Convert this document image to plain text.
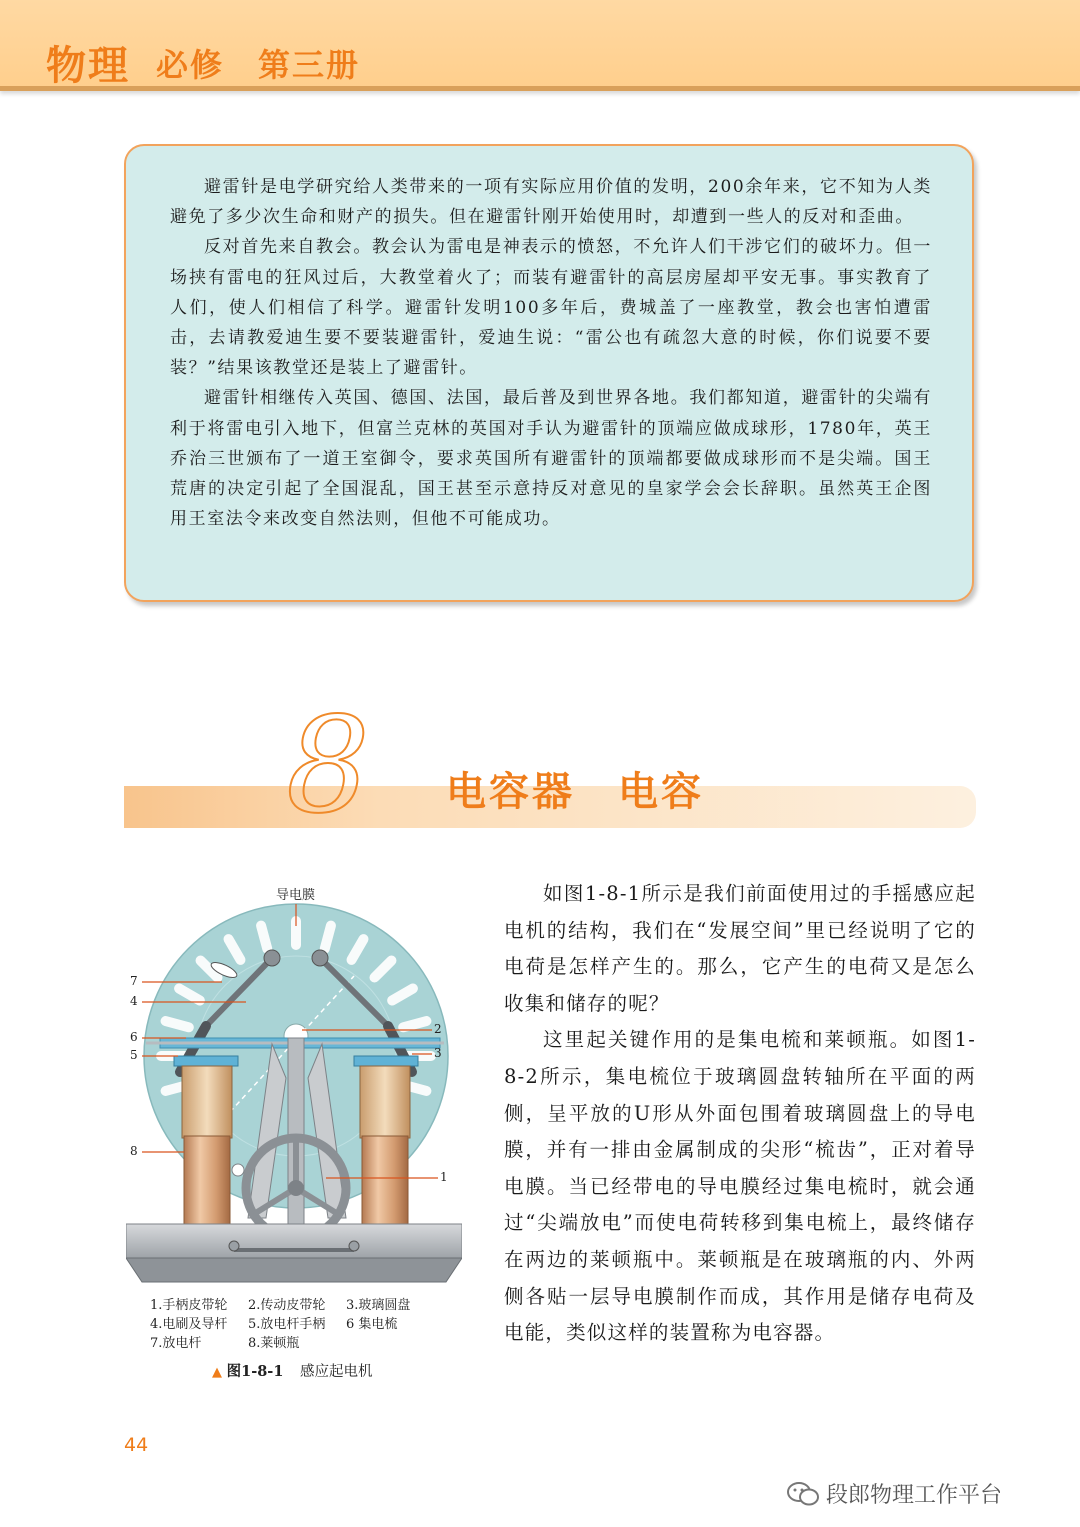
物理 必修 第三册

避雷针是电学研究给人类带来的一项有实际应用价值的发明，200余年来，它不知为人类避免了多少次生命和财产的损失。但在避雷针刚开始使用时，却遭到一些人的反对和歪曲。

反对首先来自教会。教会认为雷电是神表示的愤怒，不允许人们干涉它们的破坏力。但一场挟有雷电的狂风过后，大教堂着火了；而装有避雷针的高层房屋却平安无事。事实教育了人们，使人们相信了科学。避雷针发明100多年后，费城盖了一座教堂，教会也害怕遭雷击，去请教爱迪生要不要装避雷针，爱迪生说：“雷公也有疏忽大意的时候，你们说要不要装？”结果该教堂还是装上了避雷针。

避雷针相继传入英国、德国、法国，最后普及到世界各地。我们都知道，避雷针的尖端有利于将雷电引入地下，但富兰克林的英国对手认为避雷针的顶端应做成球形，1780年，英王乔治三世颁布了一道王室御令，要求英国所有避雷针的顶端都要做成球形而不是尖端。国王荒唐的决定引起了全国混乱，国王甚至示意持反对意见的皇家学会会长辞职。虽然英王企图用王室法令来改变自然法则，但他不可能成功。

8 电容器　电容
导电膜
7
4
6
5
8
2
3
1
1.手柄皮带轮 2.传动皮带轮 3.玻璃圆盘
4.电刷及导杆 5.放电杆手柄 6 集电梳
7.放电杆	8.莱顿瓶
▲ 图1-8-1 感应起电机

如图1-8-1所示是我们前面使用过的手摇感应起电机的结构，我们在“发展空间”里已经说明了它的电荷是怎样产生的。那么，它产生的电荷又是怎么收集和储存的呢？

这里起关键作用的是集电梳和莱顿瓶。如图1-8-2所示，集电梳位于玻璃圆盘转轴所在平面的两侧，呈平放的U形从外面包围着玻璃圆盘上的导电膜，并有一排由金属制成的尖形“梳齿”，正对着导电膜。当已经带电的导电膜经过集电梳时，就会通过“尖端放电”而使电荷转移到集电梳上，最终储存在两边的莱顿瓶中。莱顿瓶是在玻璃瓶的内、外两侧各贴一层导电膜制作而成，其作用是储存电荷及电能，类似这样的装置称为电容器。

44
段郎物理工作平台
